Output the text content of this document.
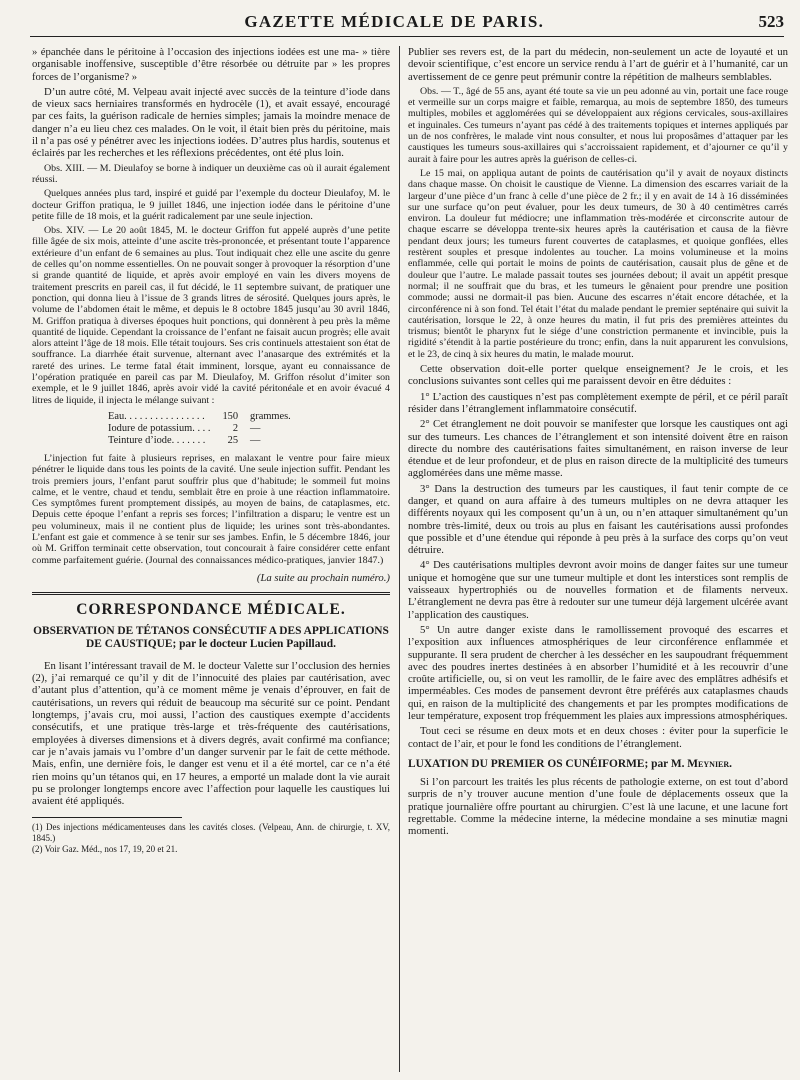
GAZETTE MÉDICALE DE PARIS.	523

» épanchée dans le péritoine à l’occasion des injections iodées est une ma- » tière organisable inoffensive, susceptible d’être résorbée ou détruite par » les propres forces de l’organisme? »

D’un autre côté, M. Velpeau avait injecté avec succès de la teinture d’iode dans de vieux sacs herniaires transformés en hydrocèle (1), et avait essayé, encouragé par ces faits, la guérison radicale de hernies simples; jamais la moindre menace de danger n’a eu lieu chez ces malades. On le voit, il était bien près du péritoine, mais il n’a pas osé y pénétrer avec les injections iodées. D’autres plus hardis, soutenus et éclairés par les recherches et les réflexions précédentes, ont été plus loin.

Obs. XIII. — M. Dieulafoy se borne à indiquer un deuxième cas où il aurait également réussi.

Quelques années plus tard, inspiré et guidé par l’exemple du docteur Dieulafoy, M. le docteur Griffon pratiqua, le 9 juillet 1846, une injection iodée dans le péritoine d’une petite fille de 18 mois, et la guérit radicalement par une seule injection.

Obs. XIV. — Le 20 août 1845, M. le docteur Griffon fut appelé auprès d’une petite fille âgée de six mois, atteinte d’une ascite très-prononcée, et présentant toute l’apparence extérieure d’un enfant de 6 semaines au plus. Tout indiquait chez elle une ascite du genre de celles qu’on nomme essentielles. On ne pouvait songer à provoquer la résorption d’une si grande quantité de liquide, et après avoir employé en vain les divers moyens de traitement prescrits en pareil cas, il fut décidé, le 11 septembre suivant, de pratiquer une ponction, qui donna lieu à l’issue de 3 grands litres de sérosité. Quelques jours après, le volume de l’abdomen était le même, et depuis le 8 octobre 1845 jusqu’au 30 avril 1846, M. Griffon pratiqua à diverses époques huit ponctions, qui donnèrent à peu près la même quantité de liquide. Cependant la croissance de l’enfant ne faisait aucun progrès; elle avait alors atteint l’âge de 18 mois. Elle tétait toujours. Ses cris continuels attestaient son état de souffrance. La diarrhée était survenue, alternant avec l’anasarque des extrémités et la rareté des urines. Le terme fatal était imminent, lorsque, ayant eu connaissance de l’opération pratiquée en pareil cas par M. Dieulafoy, M. Griffon résolut d’imiter son exemple, et le 9 juillet 1846, après avoir vidé la cavité péritonéale et en avoir évacué 4 litres de liquide, il injecta le mélange suivant :

Eau. . . . . . . . . . . . . . . .	150	grammes.
Iodure de potassium. . . .	2	—
Teinture d’iode. . . . . . .	25	—

L’injection fut faite à plusieurs reprises, en malaxant le ventre pour faire mieux pénétrer le liquide dans tous les points de la cavité. Une seule injection suffit. Pendant les trois premiers jours, l’enfant parut souffrir plus que d’habitude; le sommeil fut moins calme, et le ventre, chaud et tendu, semblait être en proie à une réaction inflammatoire. Ces symptômes furent promptement dissipés, au moyen de bains, de cataplasmes, etc. Depuis cette époque l’enfant a repris ses forces; l’infiltration a disparu; le ventre est un peu volumineux, mais il ne contient plus de liquide; les urines sont très-abondantes. L’enfant est gaie et commence à se tenir sur ses jambes. Enfin, le 5 décembre 1846, jour où M. Griffon terminait cette observation, tout concourait à faire considérer cette enfant comme parfaitement guérie. (Journal des connaissances médico-pratiques, janvier 1847.)

(La suite au prochain numéro.)
CORRESPONDANCE MÉDICALE.
OBSERVATION DE TÉTANOS CONSÉCUTIF A DES APPLICATIONS DE CAUSTIQUE; par le docteur Lucien Papillaud.

En lisant l’intéressant travail de M. le docteur Valette sur l’occlusion des hernies (2), j’ai remarqué ce qu’il y dit de l’innocuité des plaies par cautérisation, avec d’autant plus d’attention, qu’à ce moment même je venais d’éprouver, en fait de cautérisations, un revers qui réduit de beaucoup ma sécurité sur ce point. Pendant longtemps, j’avais cru, moi aussi, l’action des caustiques exempte d’accidents consécutifs, et une pratique très-large et très-fréquente des cautérisations, employées à diverses dimensions et à divers degrés, avait confirmé ma confiance; car je n’avais jamais vu l’ombre d’un danger survenir par le fait de cette méthode. Mais, enfin, une dernière fois, le danger est venu et il a été mortel, car ce n’a été rien moins qu’un tétanos qui, en 17 heures, a emporté un malade dont la vie aurait pu se prolonger longtemps encore avec l’affection pour laquelle les caustiques lui avaient été appliqués.

(1) Des injections médicamenteuses dans les cavités closes. (Velpeau, Ann. de chirurgie, t. XV, 1845.)

(2) Voir Gaz. Méd., nos 17, 19, 20 et 21.

Publier ses revers est, de la part du médecin, non-seulement un acte de loyauté et un devoir scientifique, c’est encore un service rendu à l’art de guérir et à l’humanité, car un avertissement de ce genre peut prémunir contre la répétition de malheurs semblables.

Obs. — T., âgé de 55 ans, ayant été toute sa vie un peu adonné au vin, portait une face rouge et vermeille sur un corps maigre et faible, remarqua, au mois de septembre 1850, des tumeurs multiples, mobiles et agglomérées qui se développaient aux régions cervicales, sous-axillaires et inguinales. Ces tumeurs n’ayant pas cédé à des traitements topiques et internes appliqués par un de nos confrères, le malade vint nous consulter, et nous lui proposâmes d’attaquer par les caustiques les tumeurs sous-axillaires qui s’accroissaient rapidement, et d’ajourner ce qu’il y aurait à faire pour les autres après la guérison de celles-ci.

Le 15 mai, on appliqua autant de points de cautérisation qu’il y avait de noyaux distincts dans chaque masse. On choisit le caustique de Vienne. La dimension des escarres variait de la largeur d’une pièce d’un franc à celle d’une pièce de 2 fr.; il y en avait de 14 à 16 disséminées sur une surface qu’on peut évaluer, pour les deux tumeurs, de 30 à 40 centimètres carrés environ. La douleur fut médiocre; une inflammation très-modérée et circonscrite autour de chaque escarre se développa trente-six heures après la cautérisation et causa de la fièvre pendant deux jours; les tumeurs furent couvertes de cataplasmes, et quoique gonflées, elles restèrent souples et presque indolentes au toucher. La moins volumineuse et la moins enflammée, celle qui portait le moins de points de cautérisation, causait plus de gêne et de douleur que l’autre. Le malade passait toutes ses journées debout; il avait un appétit presque normal; il ne souffrait que du bras, et les tumeurs le gênaient pour prendre une position commode; aussi ne dormait-il pas bien. Aucune des escarres n’était encore détachée, et la circonférence ni à son fond. Tel était l’état du malade pendant le premier septénaire qui suivit la cautérisation, lorsque le 22, à onze heures du matin, il fut pris des premières atteintes du trismus; bientôt le pharynx fut le siége d’une constriction permanente et invincible, puis la rigidité s’étendit à la partie postérieure du tronc; enfin, dans la nuit apparurent les convulsions, et le 23, de cinq à six heures du matin, le malade mourut.

Cette observation doit-elle porter quelque enseignement? Je le crois, et les conclusions suivantes sont celles qui me paraissent devoir en être déduites :

1° L’action des caustiques n’est pas complètement exempte de péril, et ce péril paraît résider dans l’étranglement inflammatoire consécutif.

2° Cet étranglement ne doit pouvoir se manifester que lorsque les caustiques ont agi sur des tumeurs. Les chances de l’étranglement et son intensité doivent être en raison directe du nombre des cautérisations faites simultanément, en raison inverse de leur étendue et de leur profondeur, et de plus en raison directe de la multiplicité des tumeurs agglomérées dans une même masse.

3° Dans la destruction des tumeurs par les caustiques, il faut tenir compte de ce danger, et quand on aura affaire à des tumeurs multiples on ne devra attaquer les différents noyaux qui les composent qu’un à un, ou n’en attaquer simultanément qu’un nombre très-limité, deux ou trois au plus en faisant les cautérisations aussi profondes que possible et d’une étendue qui réponde à peu près à la surface des corps qu’on veut détruire.

4° Des cautérisations multiples devront avoir moins de danger faites sur une tumeur unique et homogène que sur une tumeur multiple et dont les interstices sont remplis de vaisseaux hypertrophiés ou de nouvelles formation et de filaments nerveux. L’étranglement ne devra pas être à redouter sur une tumeur déjà largement ulcérée avant l’application des caustiques.

5° Un autre danger existe dans le ramollissement provoqué des escarres et l’exposition aux influences atmosphériques de leur circonférence enflammée et suppurante. Il sera prudent de chercher à les dessécher en les saupoudrant fréquemment avec des poudres inertes destinées à en absorber l’humidité et à les recouvrir d’une croûte artificielle, ou, si on veut les ramollir, de le faire avec des emplâtres adhésifs et imperméables. Ces modes de pansement devront être préférés aux cataplasmes chauds qui, en raison de la multiplicité des changements et par les promptes modifications de leur température, exposent trop fréquemment les plaies aux impressions atmosphériques.

Tout ceci se résume en deux mots et en deux choses : éviter pour la superficie le contact de l’air, et pour le fond les conditions de l’étranglement.

LUXATION DU PREMIER OS CUNÉIFORME; par M. Meynier.

Si l’on parcourt les traités les plus récents de pathologie externe, on est tout d’abord surpris de n’y trouver aucune mention d’une foule de déplacements osseux que la pratique journalière offre pourtant au chirurgien. C’est là une lacune, et une lacune fort regrettable. Comme la médecine interne, la médecine mondaine a ses minutiæ magni momenti.
